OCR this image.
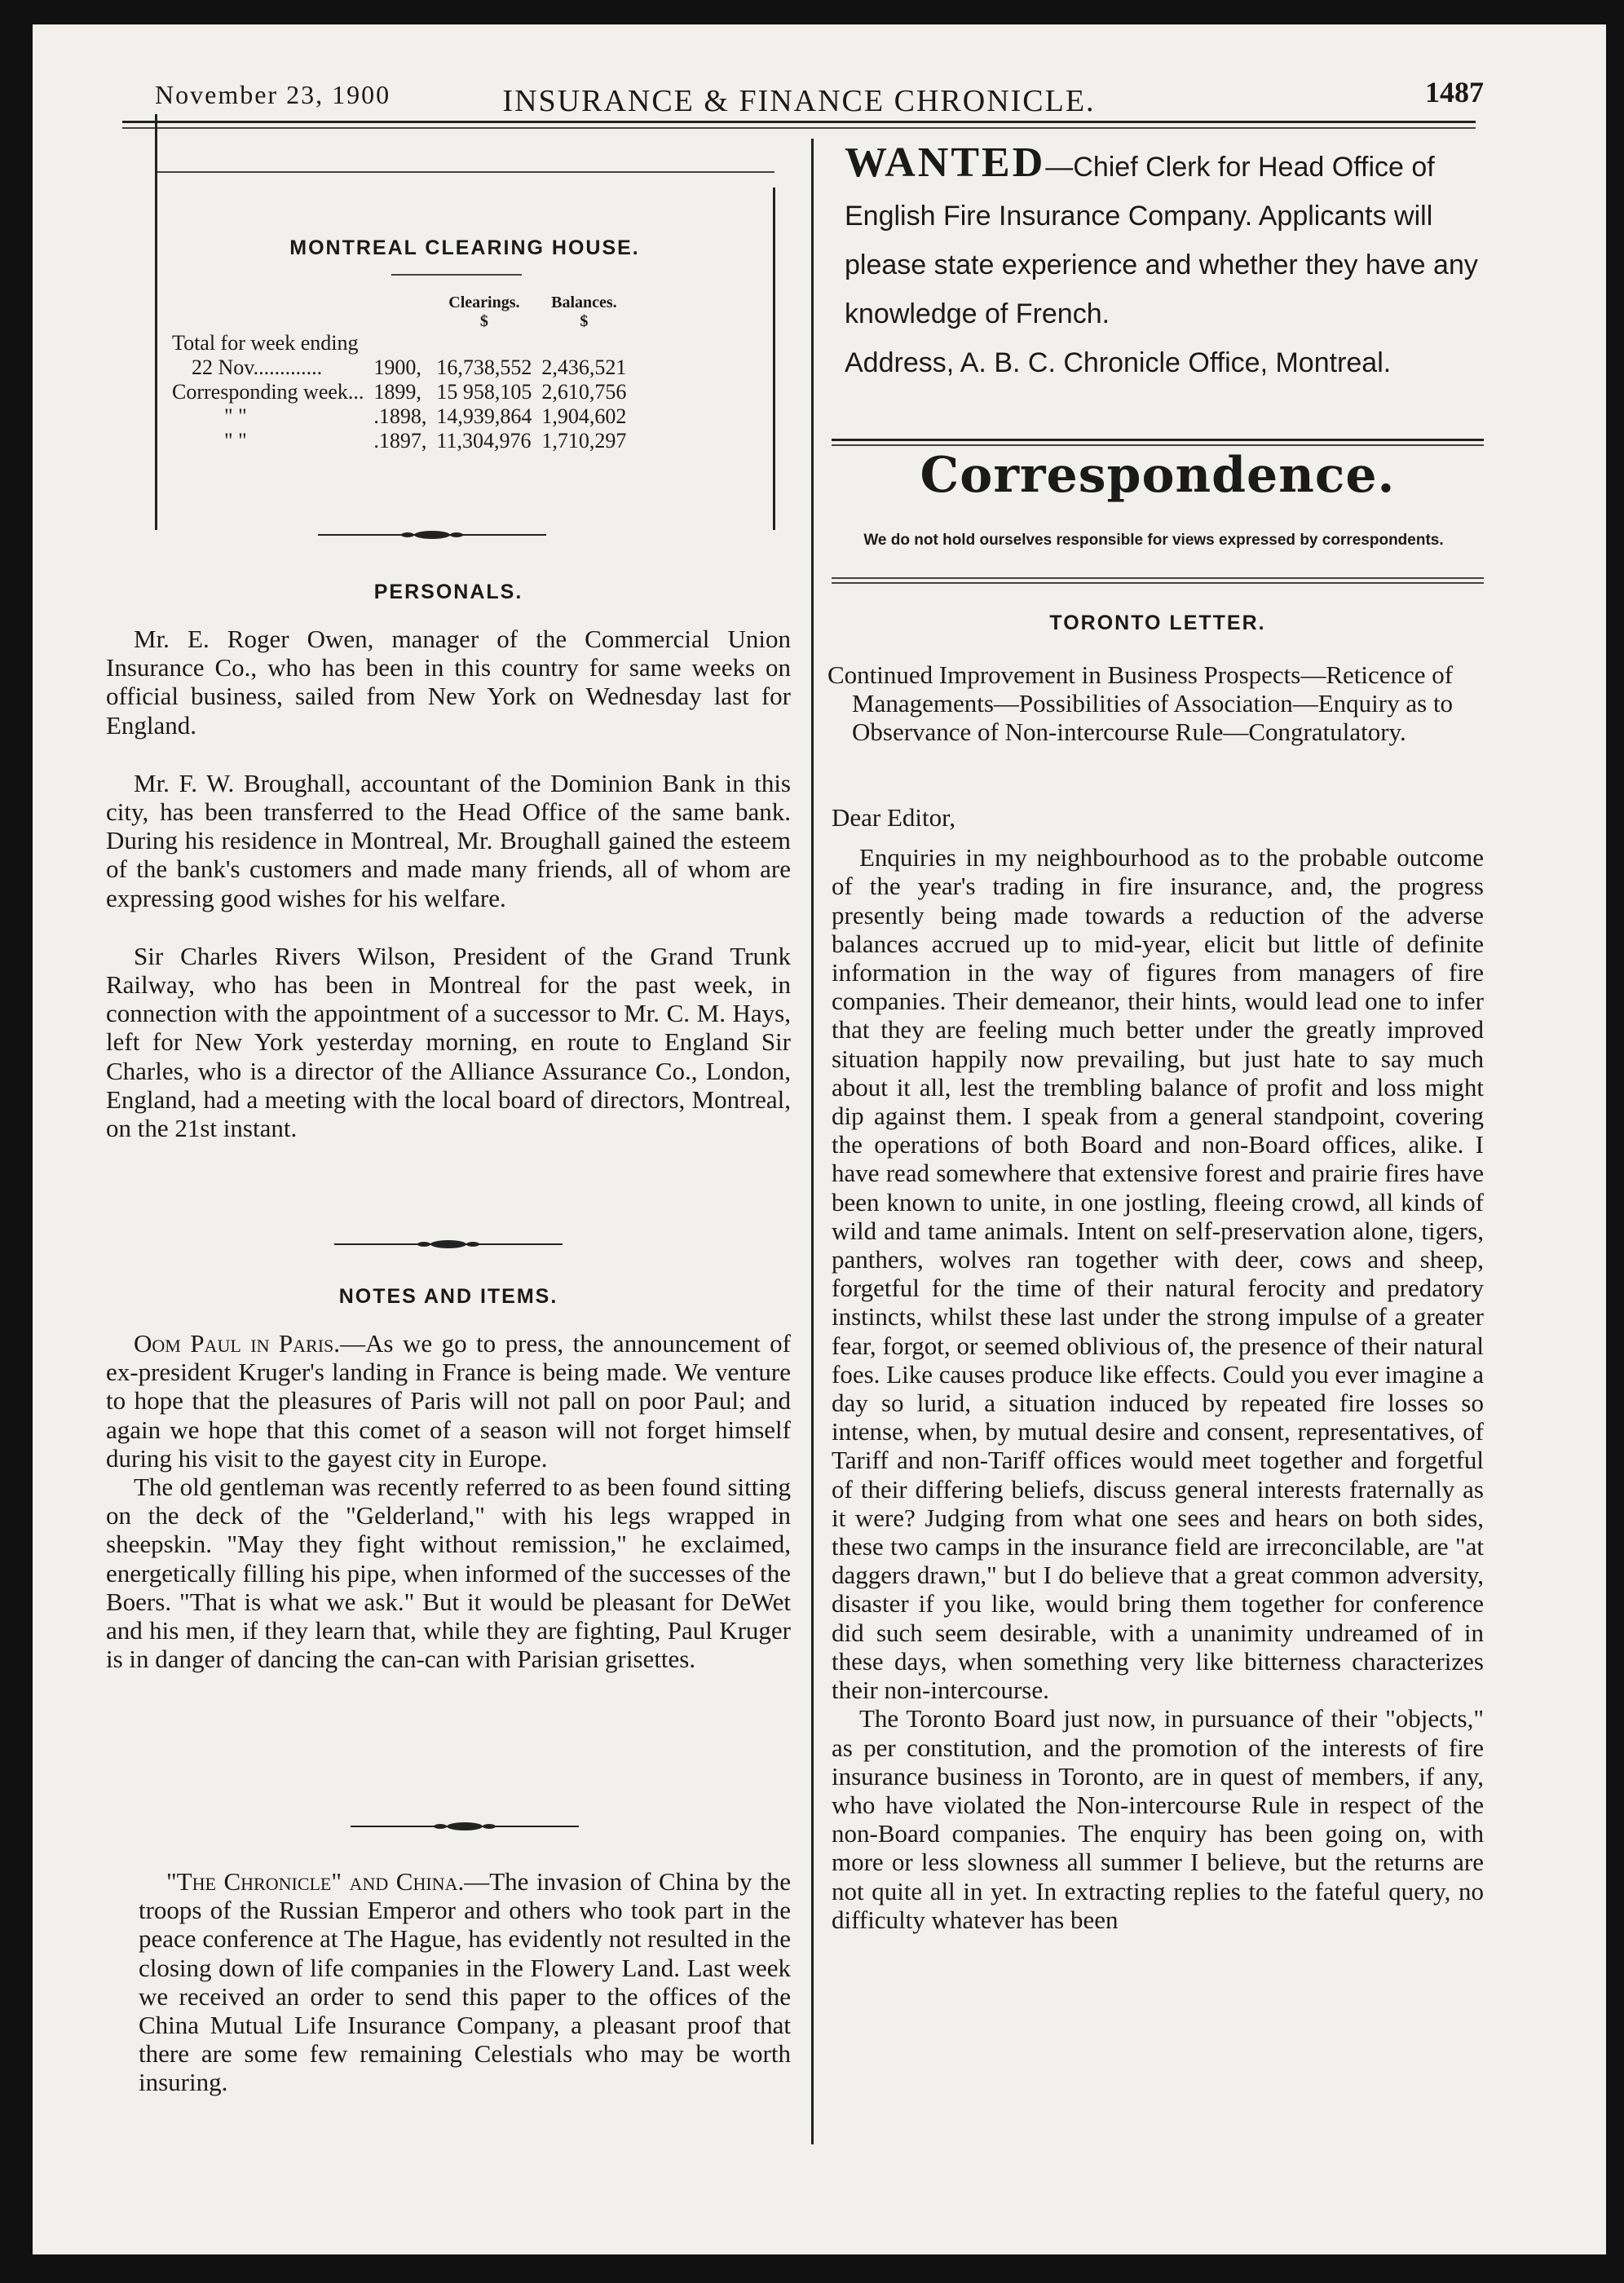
November 23, 1900	INSURANCE & FINANCE CHRONICLE.	1487
MONTREAL CLEARING HOUSE.
		Clearings.	Balances.
		$	$
Total for week ending			
22 Nov.............	1900,	16,738,552	2,436,521
Corresponding week...	1899,	15 958,105	2,610,756
" "	.1898,	14,939,864	1,904,602
" "	.1897,	11,304,976	1,710,297
PERSONALS.

Mr. E. Roger Owen, manager of the Commercial Union Insurance Co., who has been in this country for same weeks on official business, sailed from New York on Wednesday last for England.

Mr. F. W. Broughall, accountant of the Dominion Bank in this city, has been transferred to the Head Office of the same bank. During his residence in Montreal, Mr. Broughall gained the esteem of the bank's customers and made many friends, all of whom are expressing good wishes for his welfare.

Sir Charles Rivers Wilson, President of the Grand Trunk Railway, who has been in Montreal for the past week, in connection with the appointment of a successor to Mr. C. M. Hays, left for New York yesterday morning, en route to England Sir Charles, who is a director of the Alliance Assurance Co., London, England, had a meeting with the local board of directors, Montreal, on the 21st instant.

NOTES AND ITEMS.

Oom Paul in Paris.—As we go to press, the announcement of ex-president Kruger's landing in France is being made. We venture to hope that the pleasures of Paris will not pall on poor Paul; and again we hope that this comet of a season will not forget himself during his visit to the gayest city in Europe.

The old gentleman was recently referred to as been found sitting on the deck of the "Gelderland," with his legs wrapped in sheepskin. "May they fight without remission," he exclaimed, energetically filling his pipe, when informed of the successes of the Boers. "That is what we ask." But it would be pleasant for DeWet and his men, if they learn that, while they are fighting, Paul Kruger is in danger of dancing the can-can with Parisian grisettes.

"The Chronicle" and China.—The invasion of China by the troops of the Russian Emperor and others who took part in the peace conference at The Hague, has evidently not resulted in the closing down of life companies in the Flowery Land. Last week we received an order to send this paper to the offices of the China Mutual Life Insurance Company, a pleasant proof that there are some few remaining Celestials who may be worth insuring.

WANTED—Chief Clerk for Head Office of English Fire Insurance Company. Applicants will please state experience and whether they have any knowledge of French.
Address, A. B. C. Chronicle Office, Montreal.
Correspondence.
We do not hold ourselves responsible for views expressed by correspondents.
TORONTO LETTER.

Continued Improvement in Business Prospects—Reticence of Managements—Possibilities of Association—Enquiry as to Observance of Non-intercourse Rule—Congratulatory.

Dear Editor,

Enquiries in my neighbourhood as to the probable outcome of the year's trading in fire insurance, and, the progress presently being made towards a reduction of the adverse balances accrued up to mid-year, elicit but little of definite information in the way of figures from managers of fire companies. Their demeanor, their hints, would lead one to infer that they are feeling much better under the greatly improved situation happily now prevailing, but just hate to say much about it all, lest the trembling balance of profit and loss might dip against them. I speak from a general standpoint, covering the operations of both Board and non-Board offices, alike. I have read somewhere that extensive forest and prairie fires have been known to unite, in one jostling, fleeing crowd, all kinds of wild and tame animals. Intent on self-preservation alone, tigers, panthers, wolves ran together with deer, cows and sheep, forgetful for the time of their natural ferocity and predatory instincts, whilst these last under the strong impulse of a greater fear, forgot, or seemed oblivious of, the presence of their natural foes. Like causes produce like effects. Could you ever imagine a day so lurid, a situation induced by repeated fire losses so intense, when, by mutual desire and consent, representatives, of Tariff and non-Tariff offices would meet together and forgetful of their differing beliefs, discuss general interests fraternally as it were? Judging from what one sees and hears on both sides, these two camps in the insurance field are irreconcilable, are "at daggers drawn," but I do believe that a great common adversity, disaster if you like, would bring them together for conference did such seem desirable, with a unanimity undreamed of in these days, when something very like bitterness characterizes their non-intercourse.

The Toronto Board just now, in pursuance of their "objects," as per constitution, and the promotion of the interests of fire insurance business in Toronto, are in quest of members, if any, who have violated the Non-intercourse Rule in respect of the non-Board companies. The enquiry has been going on, with more or less slowness all summer I believe, but the returns are not quite all in yet. In extracting replies to the fateful query, no difficulty whatever has been
